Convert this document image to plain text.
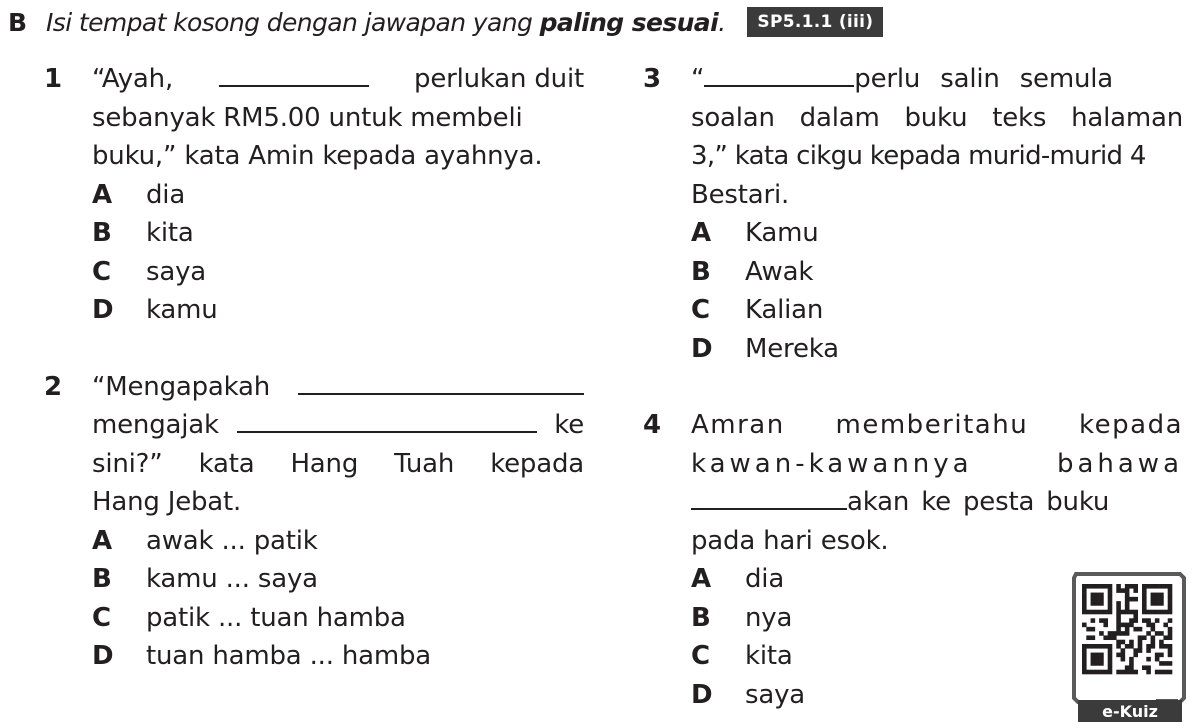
B Isi tempat kosong dengan jawapan yang paling sesuai.	SP5.1.1 (iii)
1	“Ayah,	perlukan duit
sebanyak RM5.00 untuk membeli
buku,” kata Amin kepada ayahnya.
A	dia
B	kita
C	saya
D	kamu
2	“Mengapakah
mengajak	ke
sini?” kata Hang Tuah kepada
Hang Jebat.
A	awak ... patik
B	kamu ... saya
C	patik ... tuan hamba
D	tuan hamba ... hamba
3	“	perlu salin semula
soalan dalam buku teks halaman
3,” kata cikgu kepada murid-murid 4
Bestari.
A	Kamu
B	Awak
C	Kalian
D	Mereka
4	Amran memberitahu kepada
kawan-kawannya bahawa
akan ke pesta buku
pada hari esok.
A	dia
B	nya
C	kita
D	saya
e-Kuiz
